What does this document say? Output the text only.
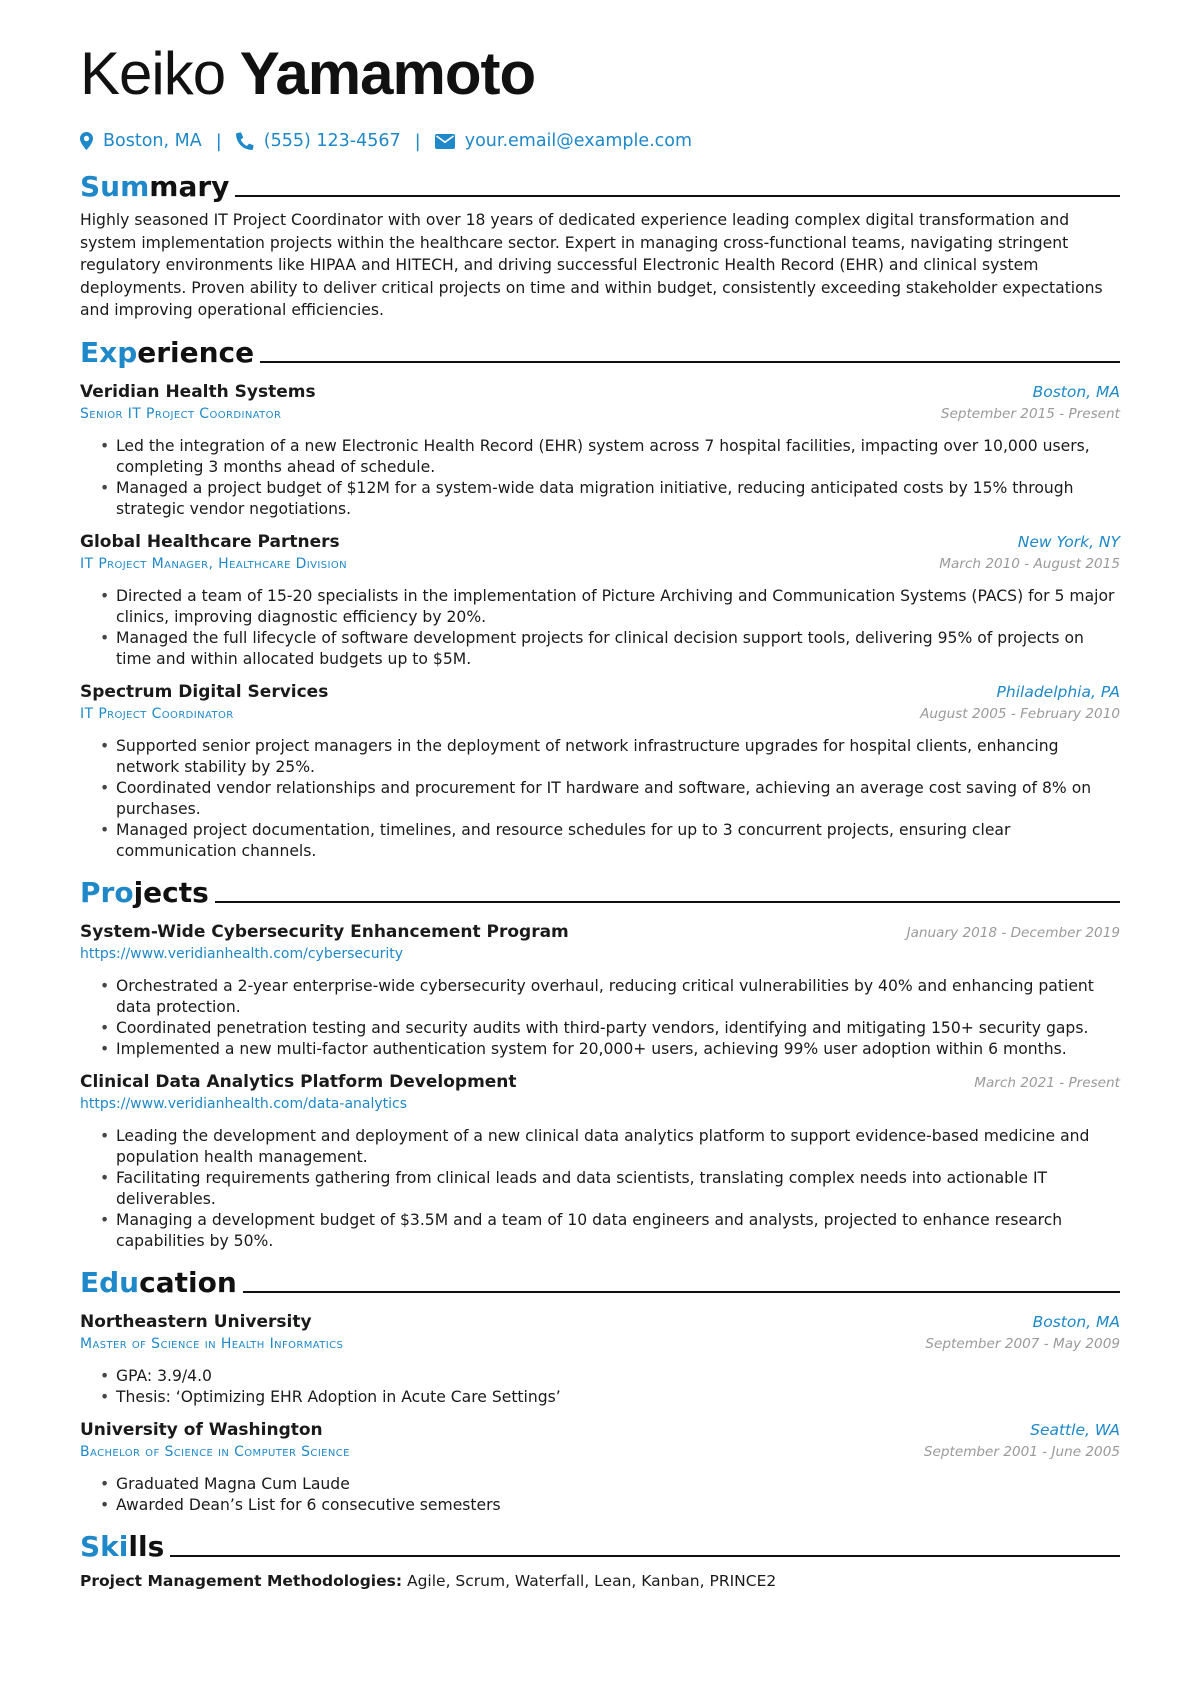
Keiko Yamamoto
Boston, MA | (555) 123-4567 |	your.email@example.com
Summary
Highly seasoned IT Project Coordinator with over 18 years of dedicated experience leading complex digital transformation and system implementation projects within the healthcare sector. Expert in managing cross-functional teams, navigating stringent regulatory environments like HIPAA and HITECH, and driving successful Electronic Health Record (EHR) and clinical system deployments. Proven ability to deliver critical projects on time and within budget, consistently exceeding stakeholder expectations and improving operational efficiencies.
Experience
Veridian Health Systems	Boston, MA
Senior IT Project Coordinator	September 2015 - Present
• Led the integration of a new Electronic Health Record (EHR) system across 7 hospital facilities, impacting over 10,000 users, completing 3 months ahead of schedule.
• Managed a project budget of $12M for a system-wide data migration initiative, reducing anticipated costs by 15% through strategic vendor negotiations.
Global Healthcare Partners	New York, NY
IT Project Manager, Healthcare Division	March 2010 - August 2015
• Directed a team of 15-20 specialists in the implementation of Picture Archiving and Communication Systems (PACS) for 5 major clinics, improving diagnostic efficiency by 20%.
• Managed the full lifecycle of software development projects for clinical decision support tools, delivering 95% of projects on time and within allocated budgets up to $5M.
Spectrum Digital Services	Philadelphia, PA
IT Project Coordinator	August 2005 - February 2010
• Supported senior project managers in the deployment of network infrastructure upgrades for hospital clients, enhancing network stability by 25%.
• Coordinated vendor relationships and procurement for IT hardware and software, achieving an average cost saving of 8% on purchases.
• Managed project documentation, timelines, and resource schedules for up to 3 concurrent projects, ensuring clear communication channels.
Projects
System-Wide Cybersecurity Enhancement Program	January 2018 - December 2019
https://www.veridianhealth.com/cybersecurity
• Orchestrated a 2-year enterprise-wide cybersecurity overhaul, reducing critical vulnerabilities by 40% and enhancing patient data protection.
• Coordinated penetration testing and security audits with third-party vendors, identifying and mitigating 150+ security gaps.
• Implemented a new multi-factor authentication system for 20,000+ users, achieving 99% user adoption within 6 months.
Clinical Data Analytics Platform Development	March 2021 - Present
https://www.veridianhealth.com/data-analytics
• Leading the development and deployment of a new clinical data analytics platform to support evidence-based medicine and population health management.
• Facilitating requirements gathering from clinical leads and data scientists, translating complex needs into actionable IT deliverables.
• Managing a development budget of $3.5M and a team of 10 data engineers and analysts, projected to enhance research capabilities by 50%.
Education
Northeastern University	Boston, MA
Master of Science in Health Informatics	September 2007 - May 2009
• GPA: 3.9/4.0
• Thesis: ‘Optimizing EHR Adoption in Acute Care Settings’
University of Washington	Seattle, WA
Bachelor of Science in Computer Science	September 2001 - June 2005
• Graduated Magna Cum Laude
• Awarded Dean’s List for 6 consecutive semesters
Skills
Project Management Methodologies: Agile, Scrum, Waterfall, Lean, Kanban, PRINCE2
